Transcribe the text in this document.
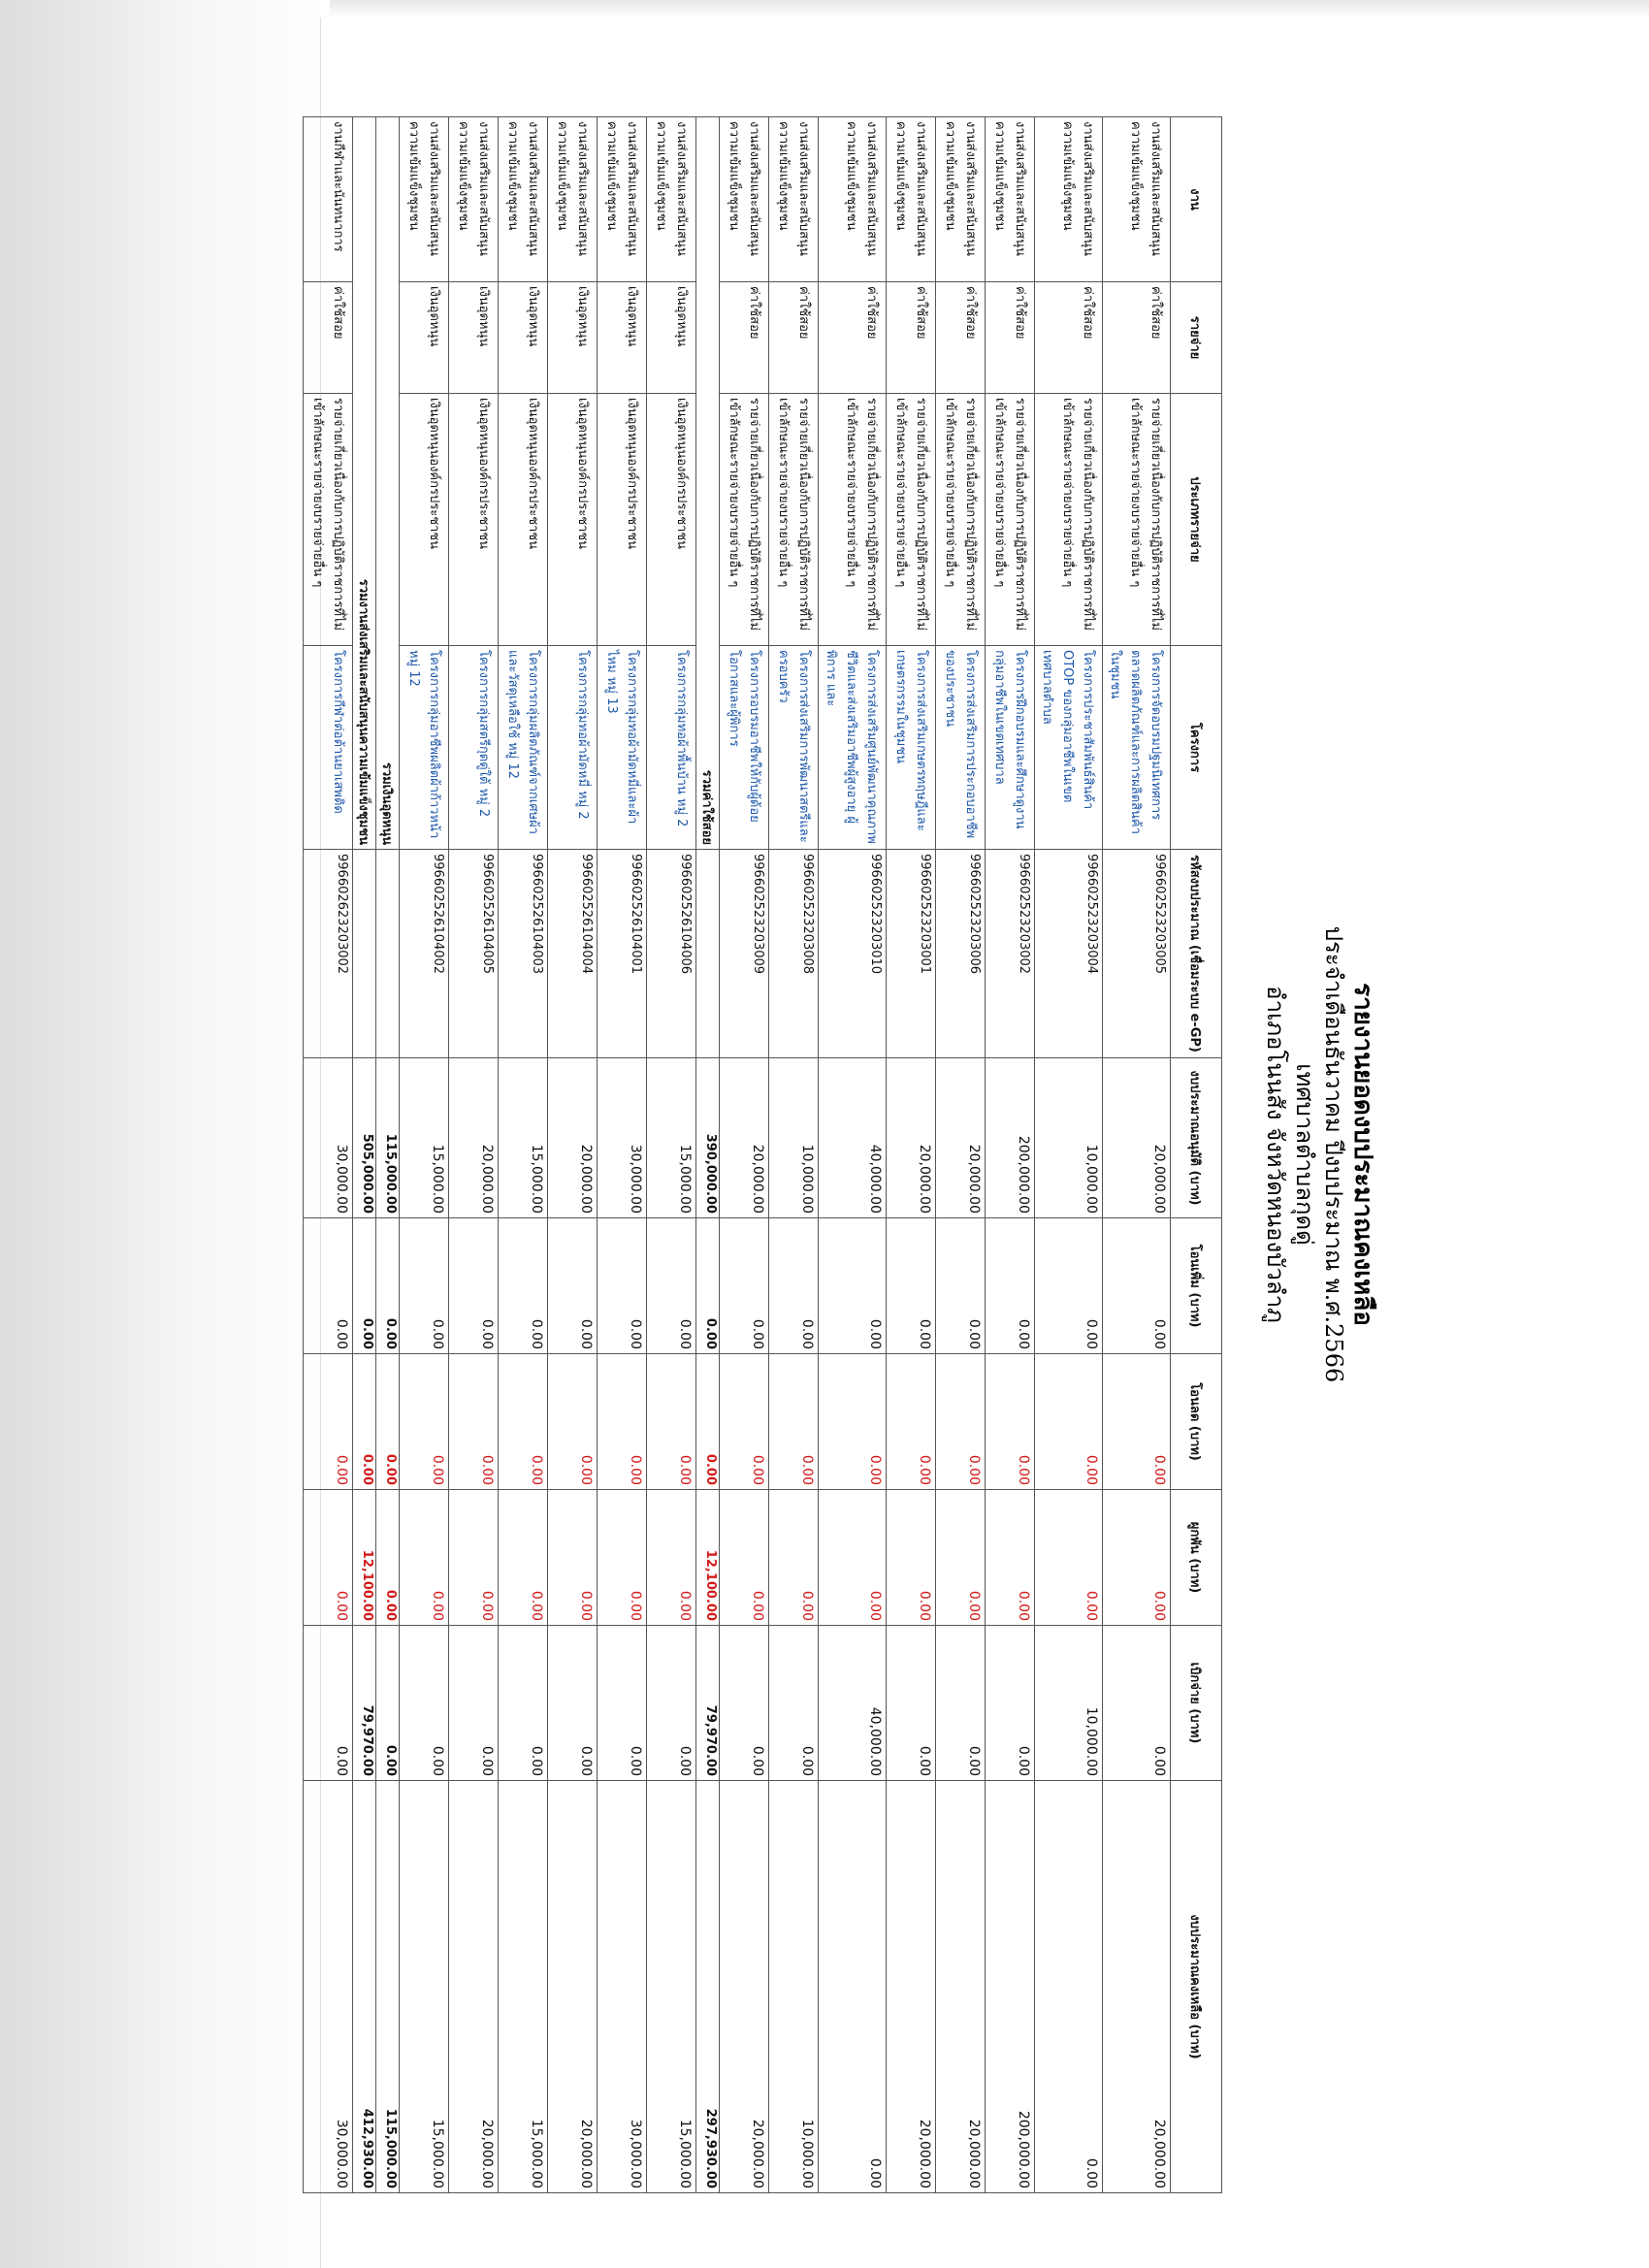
รายงานยอดงบประมาณคงเหลือ
ประจำเดือนธันวาคม ปีงบประมาณ พ.ศ.2566
เทศบาลตำบลกุดดู่
อำเภอโนนสัง จังหวัดหนองบัวลำภู
งาน	รายจ่าย	ประเภทรายจ่าย	โครงการ	รหัสงบประมาณ (เชื่อมระบบ e-GP)	งบประมาณอนุมัติ (บาท)	โอนเพิ่ม (บาท)	โอนลด (บาท)	ผูกพัน (บาท)	เบิกจ่าย (บาท)	งบประมาณคงเหลือ (บาท)
งานส่งเสริมและสนับสนุนความเข้มแข็งชุมชน	ค่าใช้สอย	รายจ่ายเกี่ยวเนื่องกับการปฏิบัติราชการที่ไม่เข้าลักษณะรายจ่ายงบรายจ่ายอื่น ๆ	โครงการจัดอบรมปฐมนิเทศการตลาดผลิตภัณฑ์และการผลิตสินค้าในชุมชน	996602523203005	20,000.00	0.00	0.00	0.00	0.00	20,000.00
งานส่งเสริมและสนับสนุนความเข้มแข็งชุมชน	ค่าใช้สอย	รายจ่ายเกี่ยวเนื่องกับการปฏิบัติราชการที่ไม่เข้าลักษณะรายจ่ายงบรายจ่ายอื่น ๆ	โครงการประชาสัมพันธ์สินค้า OTOP ของกลุ่มอาชีพในเขตเทศบาลตำบล	996602523203004	10,000.00	0.00	0.00	0.00	10,000.00	0.00
งานส่งเสริมและสนับสนุนความเข้มแข็งชุมชน	ค่าใช้สอย	รายจ่ายเกี่ยวเนื่องกับการปฏิบัติราชการที่ไม่เข้าลักษณะรายจ่ายงบรายจ่ายอื่น ๆ	โครงการฝึกอบรมและศึกษาดูงานกลุ่มอาชีพในเขตเทศบาล	996602523203002	200,000.00	0.00	0.00	0.00	0.00	200,000.00
งานส่งเสริมและสนับสนุนความเข้มแข็งชุมชน	ค่าใช้สอย	รายจ่ายเกี่ยวเนื่องกับการปฏิบัติราชการที่ไม่เข้าลักษณะรายจ่ายงบรายจ่ายอื่น ๆ	โครงการส่งเสริมการประกอบอาชีพของประชาชน	996602523203006	20,000.00	0.00	0.00	0.00	0.00	20,000.00
งานส่งเสริมและสนับสนุนความเข้มแข็งชุมชน	ค่าใช้สอย	รายจ่ายเกี่ยวเนื่องกับการปฏิบัติราชการที่ไม่เข้าลักษณะรายจ่ายงบรายจ่ายอื่น ๆ	โครงการส่งเสริมเกษตรทฤษฎีและเกษตรกรรมในชุมชน	996602523203001	20,000.00	0.00	0.00	0.00	0.00	20,000.00
งานส่งเสริมและสนับสนุนความเข้มแข็งชุมชน	ค่าใช้สอย	รายจ่ายเกี่ยวเนื่องกับการปฏิบัติราชการที่ไม่เข้าลักษณะรายจ่ายงบรายจ่ายอื่น ๆ	โครงการส่งเสริมศูนย์พัฒนาคุณภาพชีวิตและส่งเสริมอาชีพผู้สูงอายุ ผู้พิการ และ	996602523203010	40,000.00	0.00	0.00	0.00	40,000.00	0.00
งานส่งเสริมและสนับสนุนความเข้มแข็งชุมชน	ค่าใช้สอย	รายจ่ายเกี่ยวเนื่องกับการปฏิบัติราชการที่ไม่เข้าลักษณะรายจ่ายงบรายจ่ายอื่น ๆ	โครงการส่งเสริมการพัฒนาสตรีและครอบครัว	996602523203008	10,000.00	0.00	0.00	0.00	0.00	10,000.00
งานส่งเสริมและสนับสนุนความเข้มแข็งชุมชน	ค่าใช้สอย	รายจ่ายเกี่ยวเนื่องกับการปฏิบัติราชการที่ไม่เข้าลักษณะรายจ่ายงบรายจ่ายอื่น ๆ	โครงการอบรมอาชีพให้กับผู้ด้อยโอกาสและผู้พิการ	996602523203009	20,000.00	0.00	0.00	0.00	0.00	20,000.00
รวมค่าใช้สอย					390,000.00	0.00	0.00	12,100.00	79,970.00	297,930.00
งานส่งเสริมและสนับสนุนความเข้มแข็งชุมชน	เงินอุดหนุน	เงินอุดหนุนองค์กรประชาชน	โครงการกลุ่มทอผ้าพื้นบ้าน หมู่ 2	996602526104006	15,000.00	0.00	0.00	0.00	0.00	15,000.00
งานส่งเสริมและสนับสนุนความเข้มแข็งชุมชน	เงินอุดหนุน	เงินอุดหนุนองค์กรประชาชน	โครงการกลุ่มทอผ้ามัดหมี่และผ้าไหม หมู่ 13	996602526104001	30,000.00	0.00	0.00	0.00	0.00	30,000.00
งานส่งเสริมและสนับสนุนความเข้มแข็งชุมชน	เงินอุดหนุน	เงินอุดหนุนองค์กรประชาชน	โครงการกลุ่มทอผ้ามัดหมี่ หมู่ 2	996602526104004	20,000.00	0.00	0.00	0.00	0.00	20,000.00
งานส่งเสริมและสนับสนุนความเข้มแข็งชุมชน	เงินอุดหนุน	เงินอุดหนุนองค์กรประชาชน	โครงการกลุ่มผลิตภัณฑ์จากเศษผ้าและวัสดุเหลือใช้ หมู่ 12	996602526104003	15,000.00	0.00	0.00	0.00	0.00	15,000.00
งานส่งเสริมและสนับสนุนความเข้มแข็งชุมชน	เงินอุดหนุน	เงินอุดหนุนองค์กรประชาชน	โครงการกลุ่มสตรีกุดดู่ใต้ หมู่ 2	996602526104005	20,000.00	0.00	0.00	0.00	0.00	20,000.00
งานส่งเสริมและสนับสนุนความเข้มแข็งชุมชน	เงินอุดหนุน	เงินอุดหนุนองค์กรประชาชน	โครงการกลุ่มอาชีพผลิตผ้าก้าวหน้า หมู่ 12	996602526104002	15,000.00	0.00	0.00	0.00	0.00	15,000.00
รวมเงินอุดหนุน					115,000.00	0.00	0.00	0.00	0.00	115,000.00
รวมงานส่งเสริมและสนับสนุนความเข้มแข็งชุมชน					505,000.00	0.00	0.00	12,100.00	79,970.00	412,930.00
งานกีฬาและนันทนาการ	ค่าใช้สอย	รายจ่ายเกี่ยวเนื่องกับการปฏิบัติราชการที่ไม่เข้าลักษณะรายจ่ายงบรายจ่ายอื่น ๆ	โครงการกีฬาต่อต้านยาเสพติด	996602623203002	30,000.00	0.00	0.00	0.00	0.00	30,000.00
